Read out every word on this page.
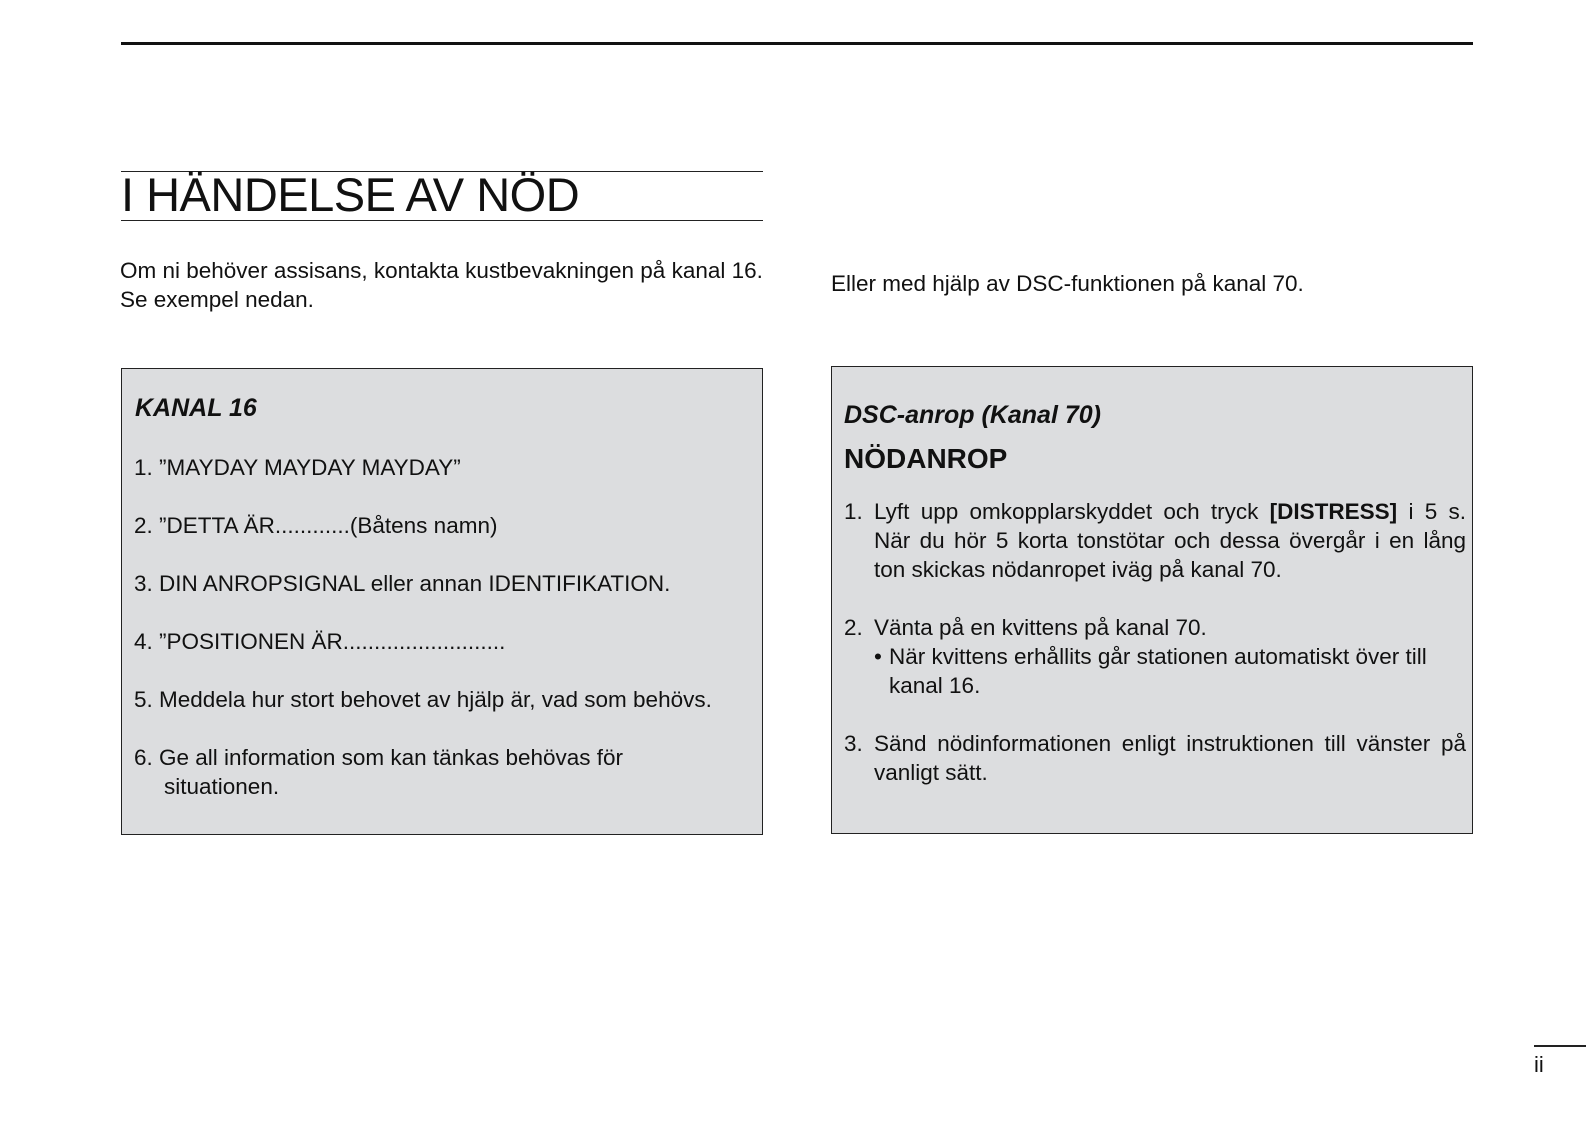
I HÄNDELSE AV NÖD

Om ni behöver assisans, kontakta kustbevakningen på kanal 16. Se exempel nedan.

Eller med hjälp av DSC-funktionen på kanal 70.

KANAL 16
1. ”MAYDAY MAYDAY MAYDAY”
2. ”DETTA ÄR............(Båtens namn)
3. DIN ANROPSIGNAL eller annan IDENTIFIKATION.
4. ”POSITIONEN ÄR..........................
5. Meddela hur stort behovet av hjälp är, vad som behövs.
6. Ge all information som kan tänkas behövas för
situationen.
DSC-anrop (Kanal 70)
NÖDANROP
1. Lyft upp omkopplarskyddet och tryck [DISTRESS] i 5 s. När du hör 5 korta tonstötar och dessa övergår i en lång ton skickas nödanropet iväg på kanal 70.
2. Vänta på en kvittens på kanal 70.
• När kvittens erhållits går stationen automatiskt över till kanal 16.
3. Sänd nödinformationen enligt instruktionen till vänster på vanligt sätt.

ii
